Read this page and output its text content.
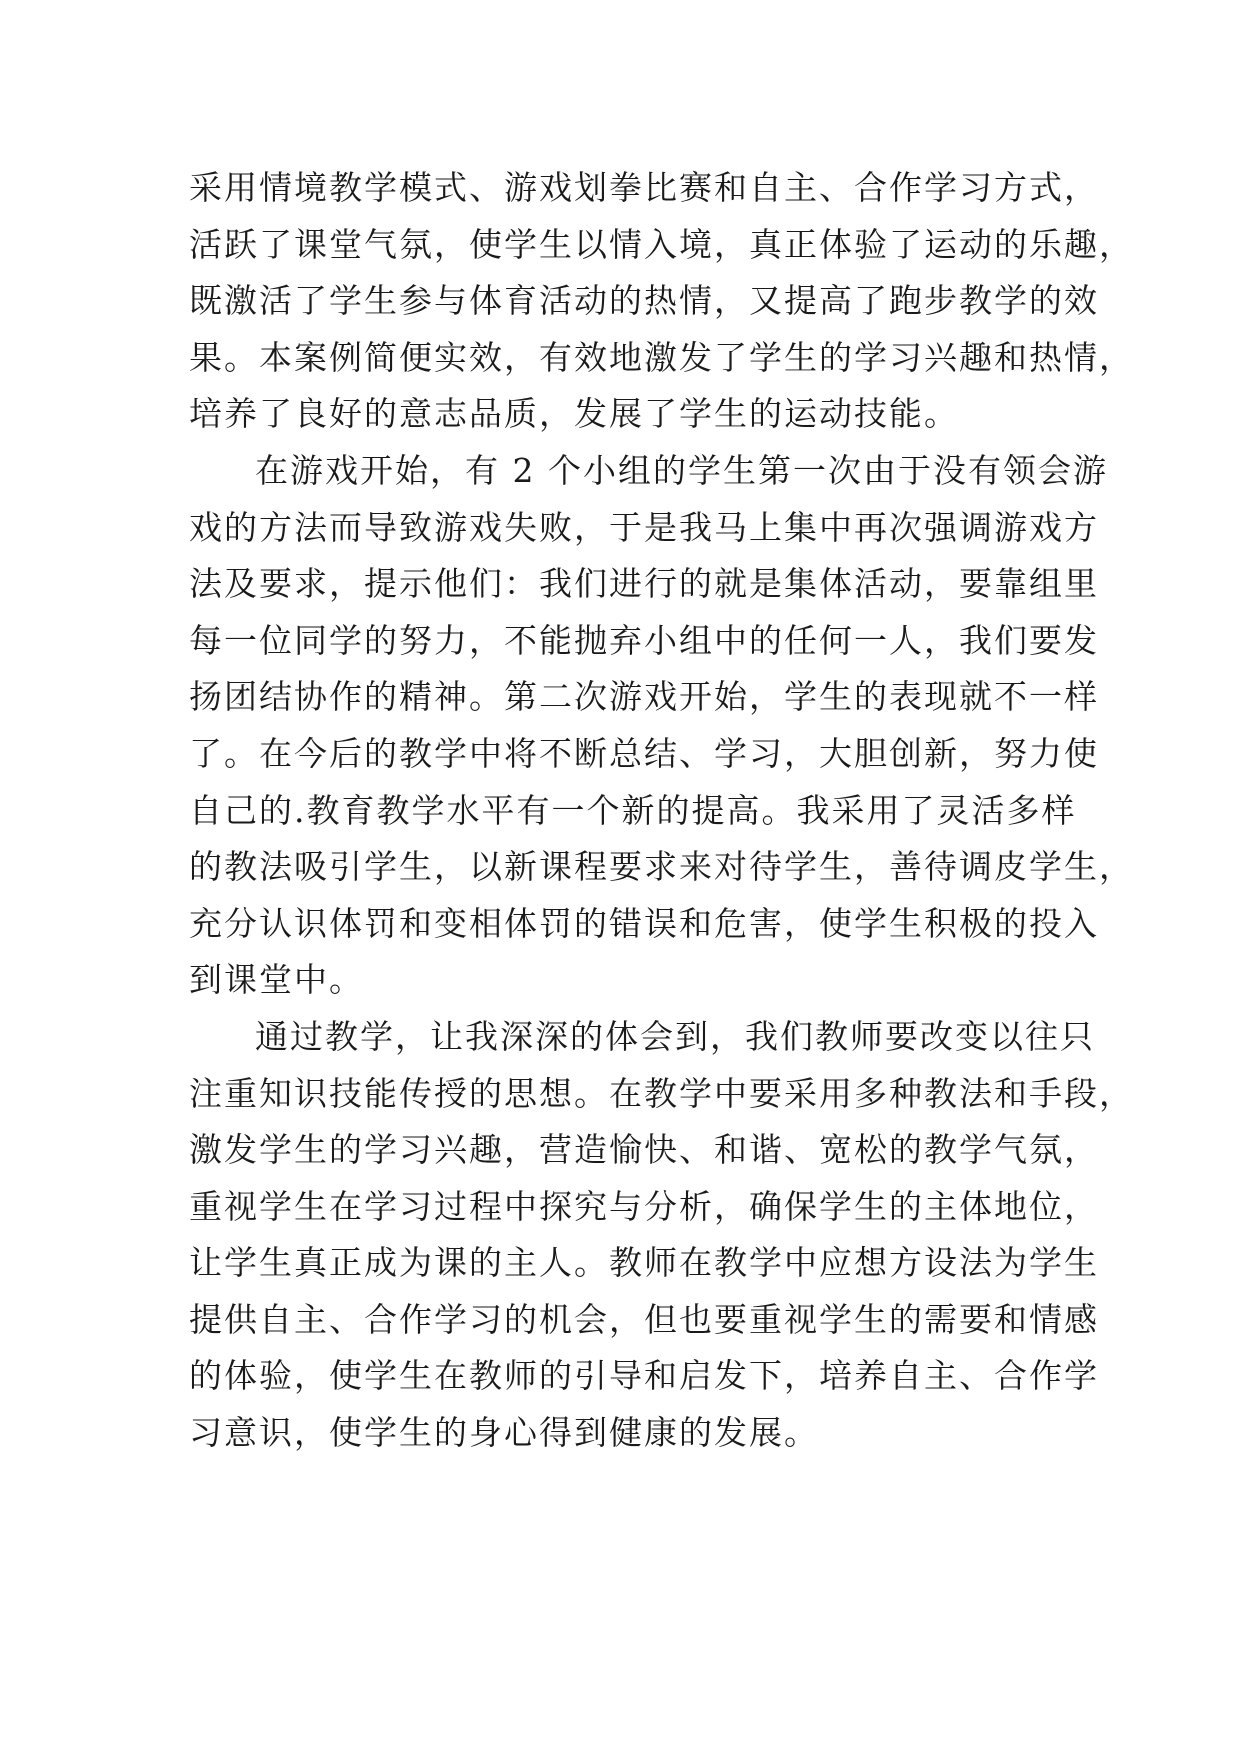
采用情境教学模式、游戏划拳比赛和自主、合作学习方式，
活跃了课堂气氛，使学生以情入境，真正体验了运动的乐趣，
既激活了学生参与体育活动的热情，又提高了跑步教学的效
果。本案例简便实效，有效地激发了学生的学习兴趣和热情，
培养了良好的意志品质，发展了学生的运动技能。
在游戏开始，有 2 个小组的学生第一次由于没有领会游
戏的方法而导致游戏失败，于是我马上集中再次强调游戏方
法及要求，提示他们：我们进行的就是集体活动，要靠组里
每一位同学的努力，不能抛弃小组中的任何一人，我们要发
扬团结协作的精神。第二次游戏开始，学生的表现就不一样
了。在今后的教学中将不断总结、学习，大胆创新，努力使
自己的.教育教学水平有一个新的提高。我采用了灵活多样
的教法吸引学生，以新课程要求来对待学生，善待调皮学生，
充分认识体罚和变相体罚的错误和危害，使学生积极的投入
到课堂中。
通过教学，让我深深的体会到，我们教师要改变以往只
注重知识技能传授的思想。在教学中要采用多种教法和手段，
激发学生的学习兴趣，营造愉快、和谐、宽松的教学气氛，
重视学生在学习过程中探究与分析，确保学生的主体地位，
让学生真正成为课的主人。教师在教学中应想方设法为学生
提供自主、合作学习的机会，但也要重视学生的需要和情感
的体验，使学生在教师的引导和启发下，培养自主、合作学
习意识，使学生的身心得到健康的发展。
